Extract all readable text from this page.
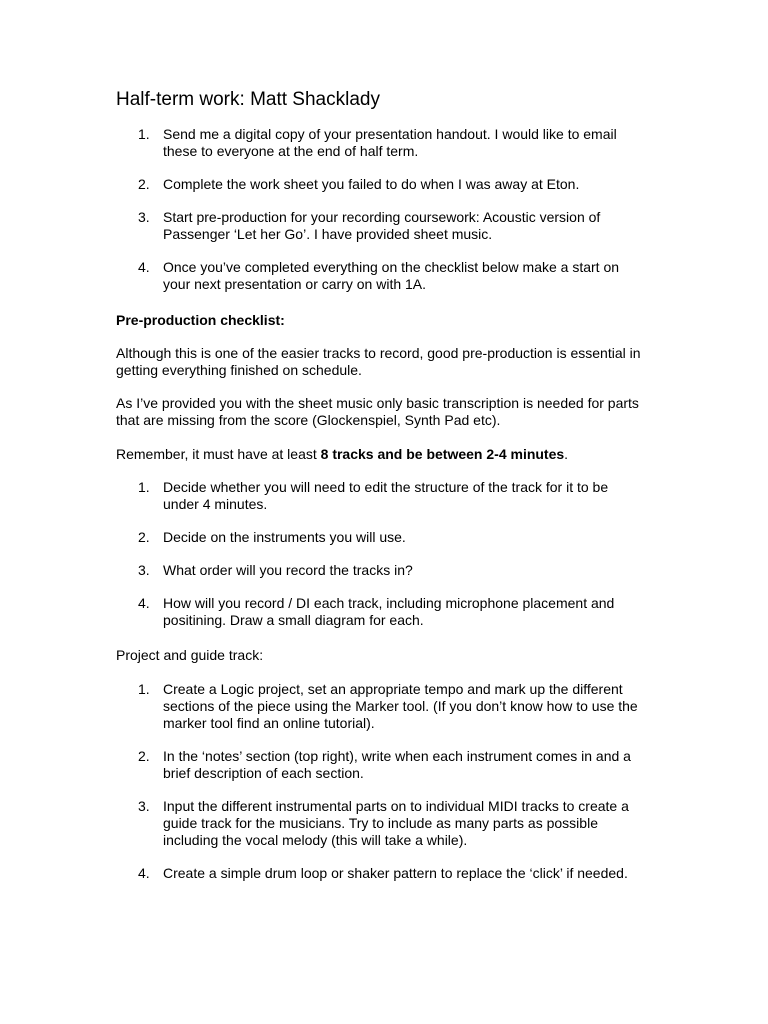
Half-term work: Matt Shacklady
1. Send me a digital copy of your presentation handout. I would like to email these to everyone at the end of half term.
2. Complete the work sheet you failed to do when I was away at Eton.
3. Start pre-production for your recording coursework: Acoustic version of Passenger ‘Let her Go’. I have provided sheet music.
4. Once you’ve completed everything on the checklist below make a start on your next presentation or carry on with 1A.

Pre-production checklist:

Although this is one of the easier tracks to record, good pre-production is essential in getting everything finished on schedule.

As I’ve provided you with the sheet music only basic transcription is needed for parts that are missing from the score (Glockenspiel, Synth Pad etc).

Remember, it must have at least 8 tracks and be between 2-4 minutes.

1. Decide whether you will need to edit the structure of the track for it to be under 4 minutes.
2. Decide on the instruments you will use.
3. What order will you record the tracks in?
4. How will you record / DI each track, including microphone placement and positining. Draw a small diagram for each.

Project and guide track:

1. Create a Logic project, set an appropriate tempo and mark up the different sections of the piece using the Marker tool. (If you don’t know how to use the marker tool find an online tutorial).
2. In the ‘notes’ section (top right), write when each instrument comes in and a brief description of each section.
3. Input the different instrumental parts on to individual MIDI tracks to create a guide track for the musicians. Try to include as many parts as possible including the vocal melody (this will take a while).
4. Create a simple drum loop or shaker pattern to replace the ‘click’ if needed.
